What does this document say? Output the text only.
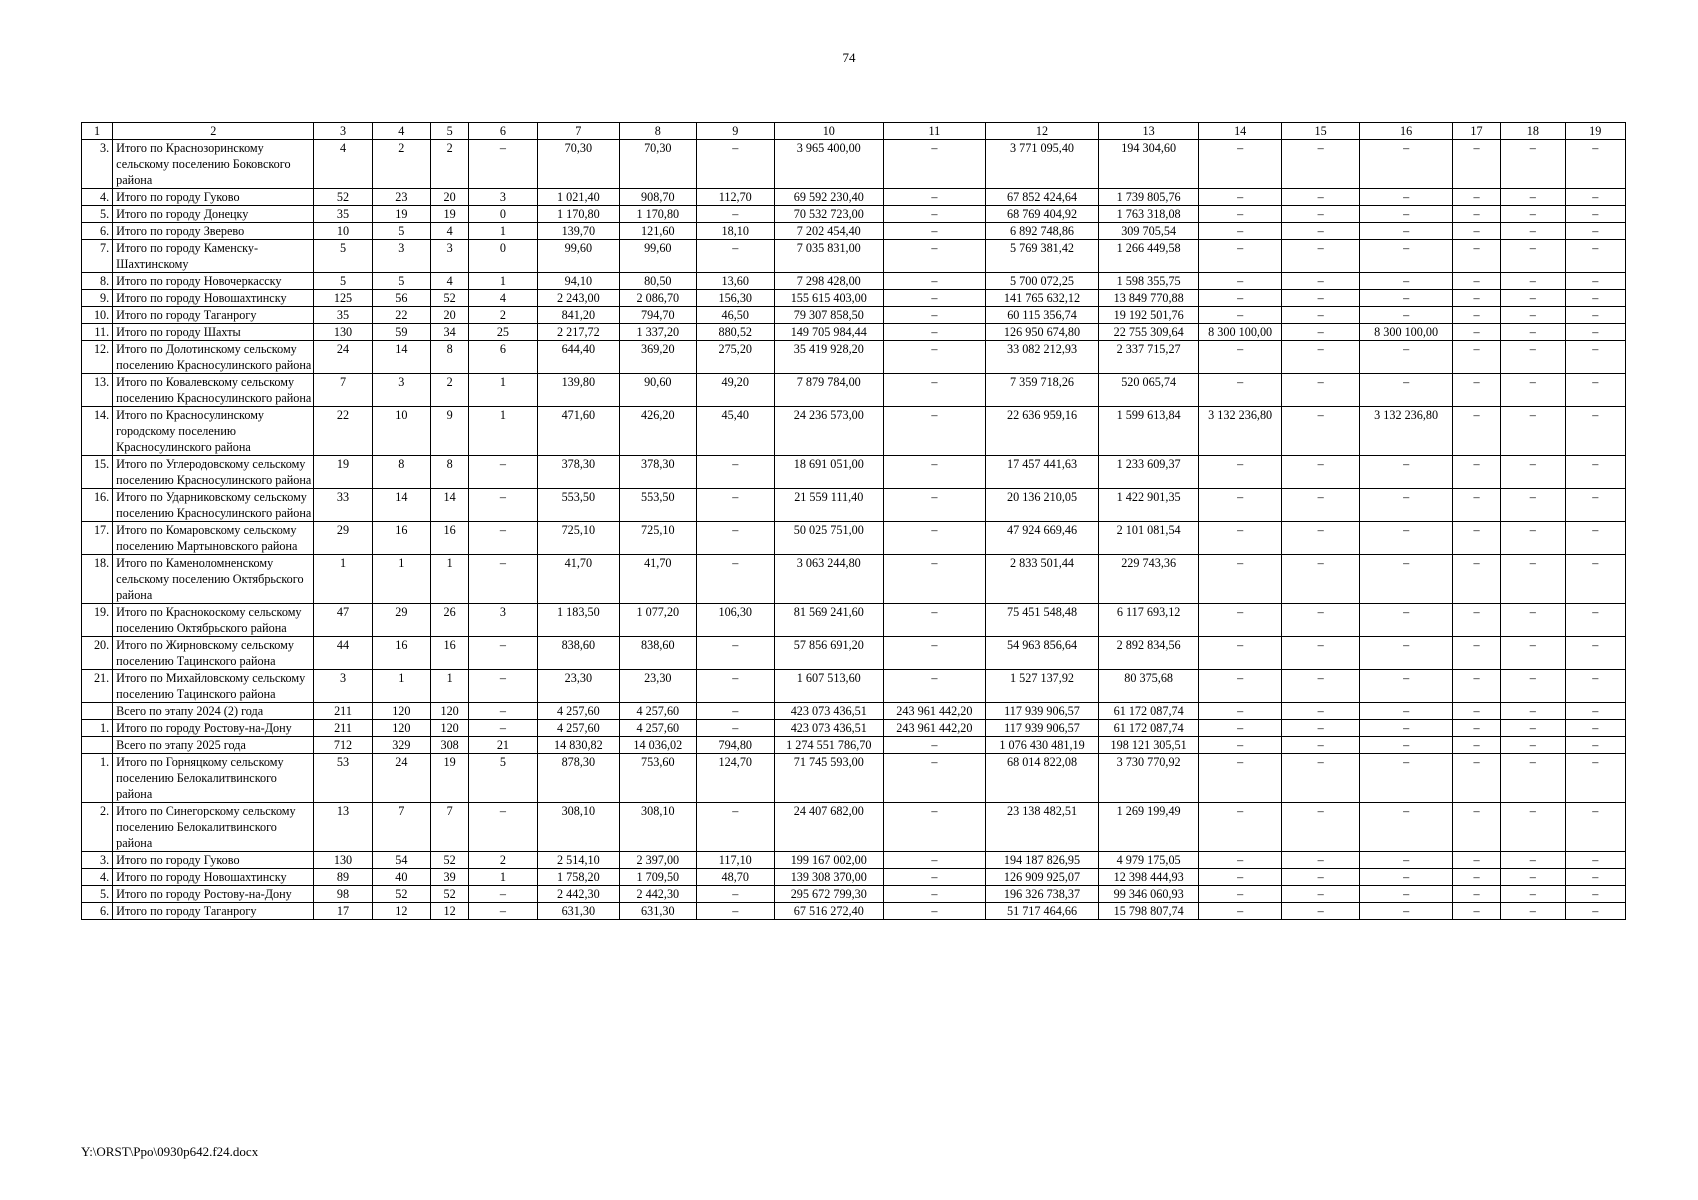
74
1	2	3	4	5	6	7	8	9	10	11	12	13	14	15	16	17	18	19
3.	Итого по Краснозоринскому сельскому поселению Боковского района	4	2	2	–	70,30	70,30	–	3 965 400,00	–	3 771 095,40	194 304,60	–	–	–	–	–	–
4.	Итого по городу Гуково	52	23	20	3	1 021,40	908,70	112,70	69 592 230,40	–	67 852 424,64	1 739 805,76	–	–	–	–	–	–
5.	Итого по городу Донецку	35	19	19	0	1 170,80	1 170,80	–	70 532 723,00	–	68 769 404,92	1 763 318,08	–	–	–	–	–	–
6.	Итого по городу Зверево	10	5	4	1	139,70	121,60	18,10	7 202 454,40	–	6 892 748,86	309 705,54	–	–	–	–	–	–
7.	Итого по городу Каменску-Шахтинскому	5	3	3	0	99,60	99,60	–	7 035 831,00	–	5 769 381,42	1 266 449,58	–	–	–	–	–	–
8.	Итого по городу Новочеркасску	5	5	4	1	94,10	80,50	13,60	7 298 428,00	–	5 700 072,25	1 598 355,75	–	–	–	–	–	–
9.	Итого по городу Новошахтинску	125	56	52	4	2 243,00	2 086,70	156,30	155 615 403,00	–	141 765 632,12	13 849 770,88	–	–	–	–	–	–
10.	Итого по городу Таганрогу	35	22	20	2	841,20	794,70	46,50	79 307 858,50	–	60 115 356,74	19 192 501,76	–	–	–	–	–	–
11.	Итого по городу Шахты	130	59	34	25	2 217,72	1 337,20	880,52	149 705 984,44	–	126 950 674,80	22 755 309,64	8 300 100,00	–	8 300 100,00	–	–	–
12.	Итого по Долотинскому сельскому поселению Красносулинского района	24	14	8	6	644,40	369,20	275,20	35 419 928,20	–	33 082 212,93	2 337 715,27	–	–	–	–	–	–
13.	Итого по Ковалевскому сельскому поселению Красносулинского района	7	3	2	1	139,80	90,60	49,20	7 879 784,00	–	7 359 718,26	520 065,74	–	–	–	–	–	–
14.	Итого по Красносулинскому городскому поселению Красносулинского района	22	10	9	1	471,60	426,20	45,40	24 236 573,00	–	22 636 959,16	1 599 613,84	3 132 236,80	–	3 132 236,80	–	–	–
15.	Итого по Углеродовскому сельскому поселению Красносулинского района	19	8	8	–	378,30	378,30	–	18 691 051,00	–	17 457 441,63	1 233 609,37	–	–	–	–	–	–
16.	Итого по Ударниковскому сельскому поселению Красносулинского района	33	14	14	–	553,50	553,50	–	21 559 111,40	–	20 136 210,05	1 422 901,35	–	–	–	–	–	–
17.	Итого по Комаровскому сельскому поселению Мартыновского района	29	16	16	–	725,10	725,10	–	50 025 751,00	–	47 924 669,46	2 101 081,54	–	–	–	–	–	–
18.	Итого по Каменоломненскому сельскому поселению Октябрьского района	1	1	1	–	41,70	41,70	–	3 063 244,80	–	2 833 501,44	229 743,36	–	–	–	–	–	–
19.	Итого по Краснокоскому сельскому поселению Октябрьского района	47	29	26	3	1 183,50	1 077,20	106,30	81 569 241,60	–	75 451 548,48	6 117 693,12	–	–	–	–	–	–
20.	Итого по Жирновскому сельскому поселению Тацинского района	44	16	16	–	838,60	838,60	–	57 856 691,20	–	54 963 856,64	2 892 834,56	–	–	–	–	–	–
21.	Итого по Михайловскому сельскому поселению Тацинского района	3	1	1	–	23,30	23,30	–	1 607 513,60	–	1 527 137,92	80 375,68	–	–	–	–	–	–
	Всего по этапу 2024 (2) года	211	120	120	–	4 257,60	4 257,60	–	423 073 436,51	243 961 442,20	117 939 906,57	61 172 087,74	–	–	–	–	–	–
1.	Итого по городу Ростову-на-Дону	211	120	120	–	4 257,60	4 257,60	–	423 073 436,51	243 961 442,20	117 939 906,57	61 172 087,74	–	–	–	–	–	–
	Всего по этапу 2025 года	712	329	308	21	14 830,82	14 036,02	794,80	1 274 551 786,70	–	1 076 430 481,19	198 121 305,51	–	–	–	–	–	–
1.	Итого по Горняцкому сельскому поселению Белокалитвинского района	53	24	19	5	878,30	753,60	124,70	71 745 593,00	–	68 014 822,08	3 730 770,92	–	–	–	–	–	–
2.	Итого по Синегорскому сельскому поселению Белокалитвинского района	13	7	7	–	308,10	308,10	–	24 407 682,00	–	23 138 482,51	1 269 199,49	–	–	–	–	–	–
3.	Итого по городу Гуково	130	54	52	2	2 514,10	2 397,00	117,10	199 167 002,00	–	194 187 826,95	4 979 175,05	–	–	–	–	–	–
4.	Итого по городу Новошахтинску	89	40	39	1	1 758,20	1 709,50	48,70	139 308 370,00	–	126 909 925,07	12 398 444,93	–	–	–	–	–	–
5.	Итого по городу Ростову-на-Дону	98	52	52	–	2 442,30	2 442,30	–	295 672 799,30	–	196 326 738,37	99 346 060,93	–	–	–	–	–	–
6.	Итого по городу Таганрогу	17	12	12	–	631,30	631,30	–	67 516 272,40	–	51 717 464,66	15 798 807,74	–	–	–	–	–	–
Y:\ORST\Ppo\0930p642.f24.docx
